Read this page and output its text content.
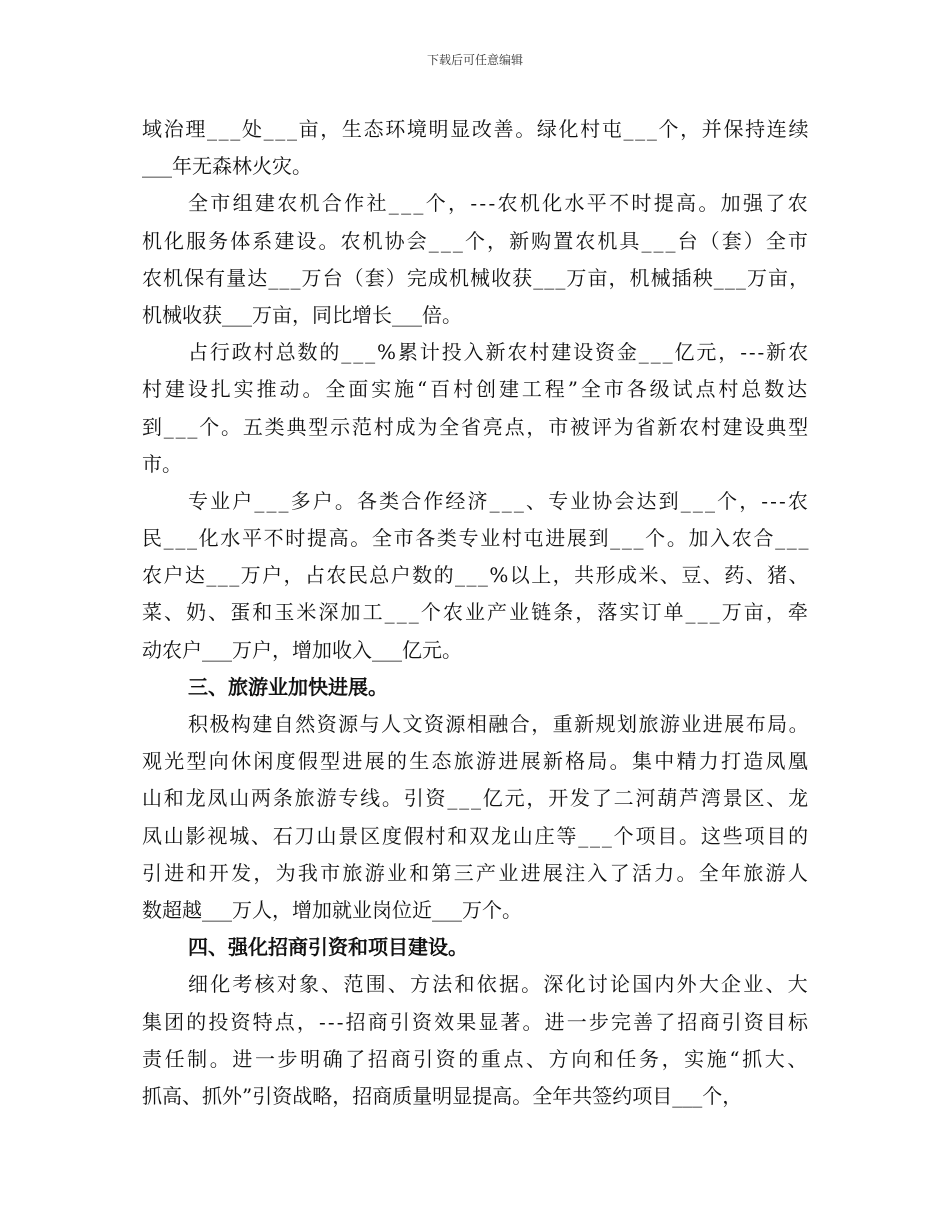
下载后可任意编辑
域治理___处___亩，生态环境明显改善。绿化村屯___个，并保持连续
___年无森林火灾。
全市组建农机合作社___个，---农机化水平不时提高。加强了农
机化服务体系建设。农机协会___个，新购置农机具___台（套）全市
农机保有量达___万台（套）完成机械收获___万亩，机械插秧___万亩，
机械收获___万亩，同比增长___倍。
占行政村总数的___%累计投入新农村建设资金___亿元，---新农
村建设扎实推动。全面实施“百村创建工程”全市各级试点村总数达
到___个。五类典型示范村成为全省亮点，市被评为省新农村建设典型
市。
专业户___多户。各类合作经济___、专业协会达到___个，---农
民___化水平不时提高。全市各类专业村屯进展到___个。加入农合___
农户达___万户，占农民总户数的___%以上，共形成米、豆、药、猪、
菜、奶、蛋和玉米深加工___个农业产业链条，落实订单___万亩，牵
动农户___万户，增加收入___亿元。
三、旅游业加快进展。
积极构建自然资源与人文资源相融合，重新规划旅游业进展布局。
观光型向休闲度假型进展的生态旅游进展新格局。集中精力打造凤凰
山和龙凤山两条旅游专线。引资___亿元，开发了二河葫芦湾景区、龙
凤山影视城、石刀山景区度假村和双龙山庄等___个项目。这些项目的
引进和开发，为我市旅游业和第三产业进展注入了活力。全年旅游人
数超越___万人，增加就业岗位近___万个。
四、强化招商引资和项目建设。
细化考核对象、范围、方法和依据。深化讨论国内外大企业、大
集团的投资特点，---招商引资效果显著。进一步完善了招商引资目标
责任制。进一步明确了招商引资的重点、方向和任务，实施“抓大、
抓高、抓外”引资战略，招商质量明显提高。全年共签约项目___个，
